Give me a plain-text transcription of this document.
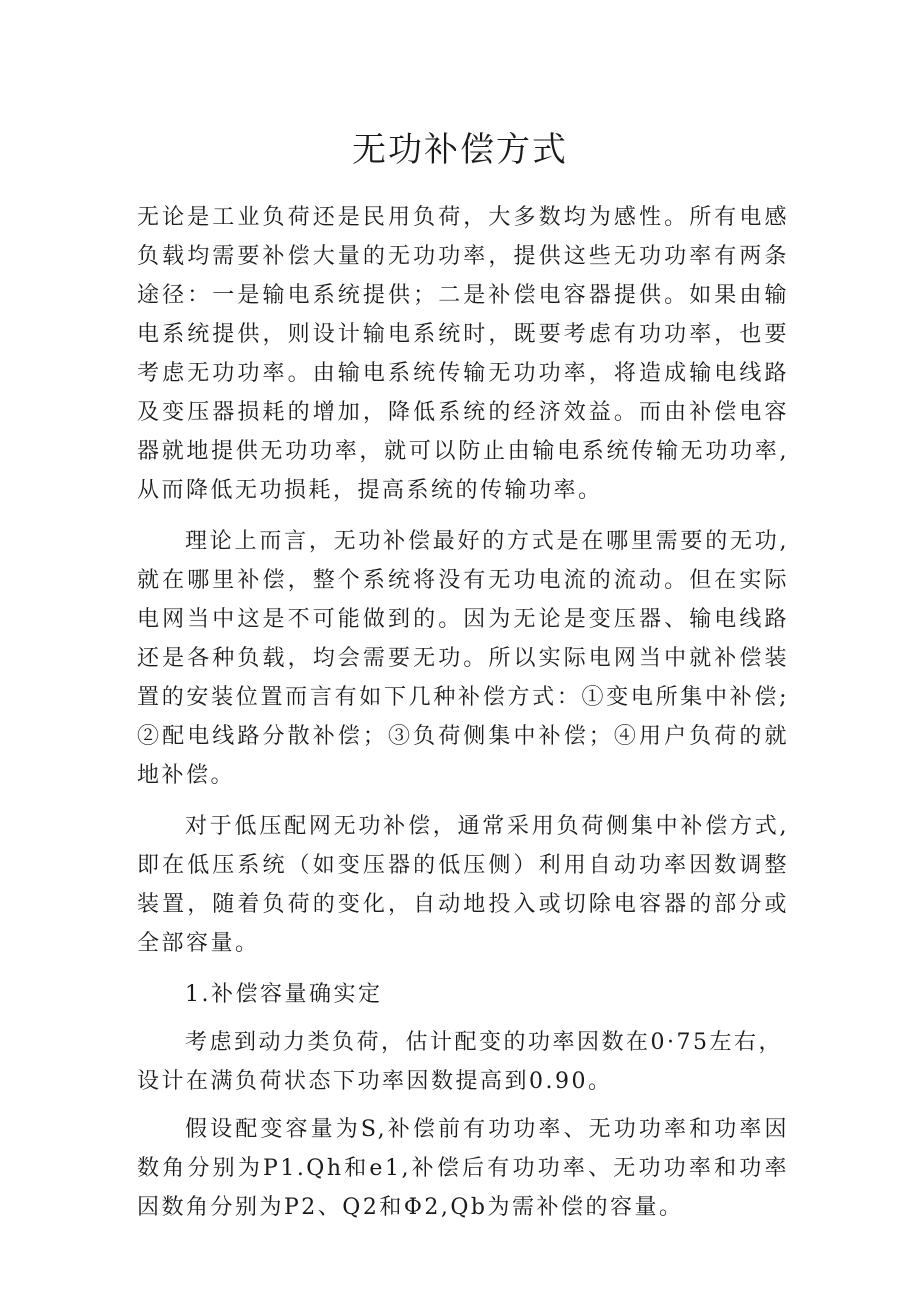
无功补偿方式

无论是工业负荷还是民用负荷，大多数均为感性。所有电感负载均需要补偿大量的无功功率，提供这些无功功率有两条途径：一是输电系统提供；二是补偿电容器提供。如果由输电系统提供，则设计输电系统时，既要考虑有功功率，也要考虑无功功率。由输电系统传输无功功率，将造成输电线路及变压器损耗的增加，降低系统的经济效益。而由补偿电容器就地提供无功功率，就可以防止由输电系统传输无功功率,从而降低无功损耗，提高系统的传输功率。

理论上而言，无功补偿最好的方式是在哪里需要的无功,就在哪里补偿，整个系统将没有无功电流的流动。但在实际电网当中这是不可能做到的。因为无论是变压器、输电线路还是各种负载，均会需要无功。所以实际电网当中就补偿装置的安装位置而言有如下几种补偿方式：①变电所集中补偿;②配电线路分散补偿；③负荷侧集中补偿；④用户负荷的就地补偿。

对于低压配网无功补偿，通常采用负荷侧集中补偿方式,即在低压系统（如变压器的低压侧）利用自动功率因数调整装置，随着负荷的变化，自动地投入或切除电容器的部分或全部容量。

1.补偿容量确实定

考虑到动力类负荷，估计配变的功率因数在0·75左右，

设计在满负荷状态下功率因数提高到0.90。

假设配变容量为S,补偿前有功功率、无功功率和功率因数角分别为P1.Qh和e1,补偿后有功功率、无功功率和功率因数角分别为P2、Q2和Φ2,Qb为需补偿的容量。
